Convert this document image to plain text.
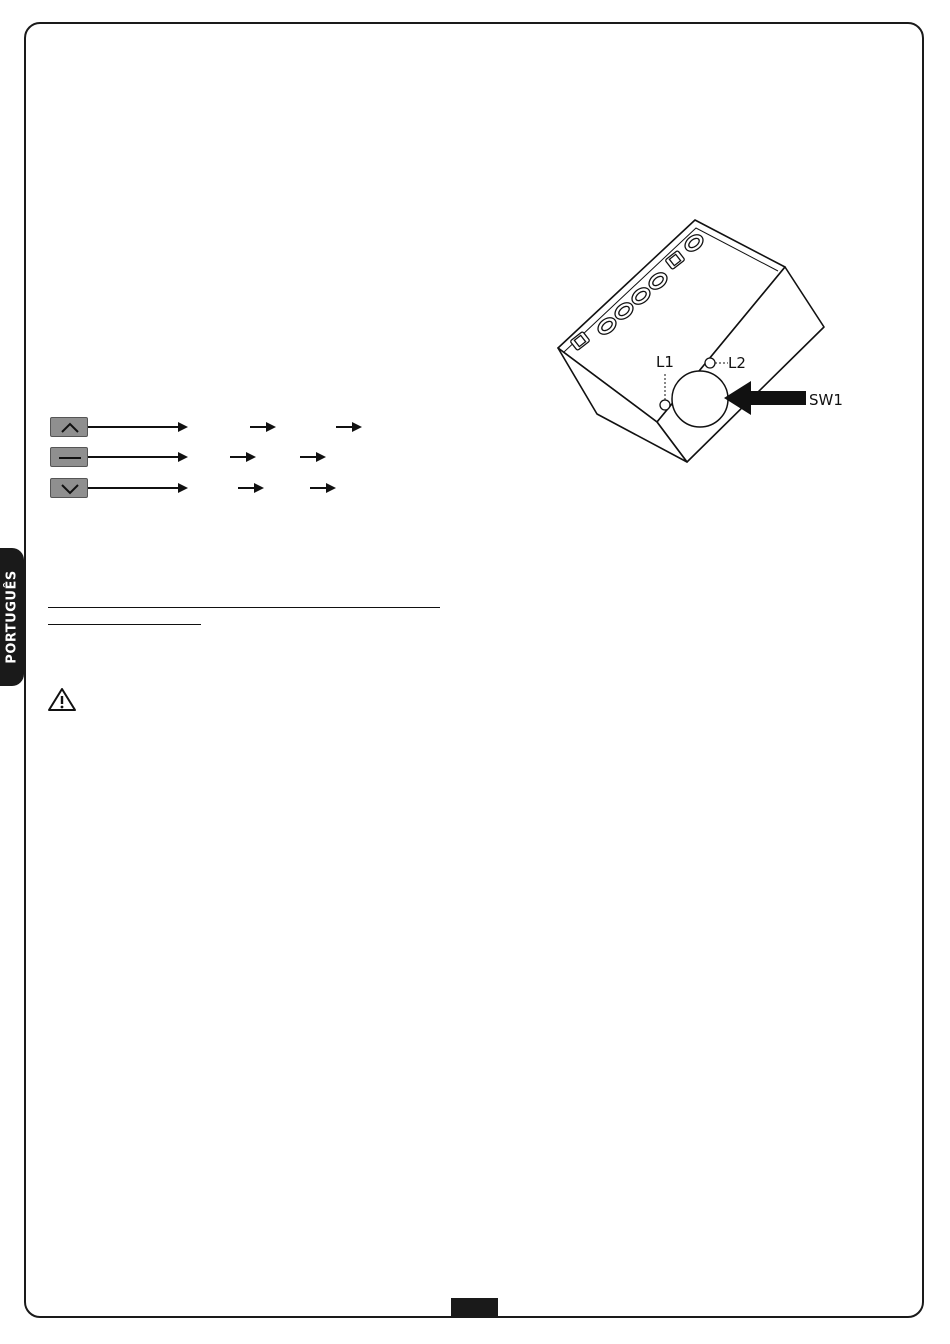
PORTUGUÊS
L1	L2
SW1
